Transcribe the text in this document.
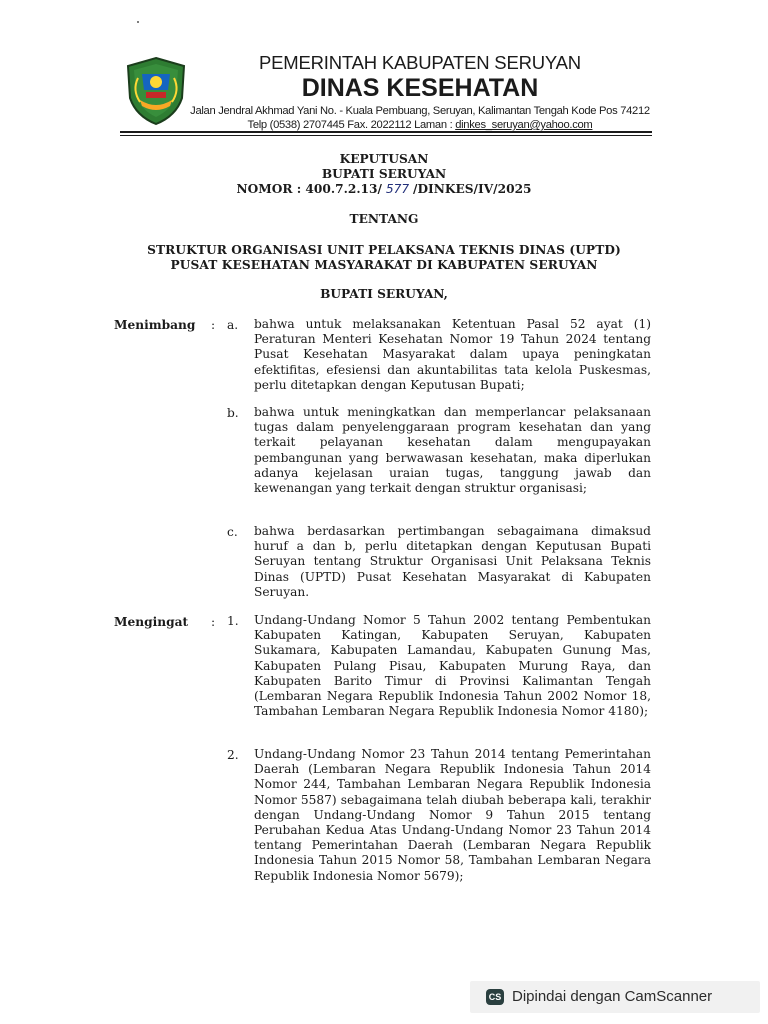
PEMERINTAH KABUPATEN SERUYAN
DINAS KESEHATAN
Jalan Jendral Akhmad Yani No. - Kuala Pembuang, Seruyan, Kalimantan Tengah Kode Pos 74212
Telp (0538) 2707445 Fax. 2022112 Laman : dinkes_seruyan@yahoo.com
KEPUTUSAN
BUPATI SERUYAN
NOMOR : 400.7.2.13/ 577 /DINKES/IV/2025
TENTANG
STRUKTUR ORGANISASI UNIT PELAKSANA TEKNIS DINAS (UPTD)
PUSAT KESEHATAN MASYARAKAT DI KABUPATEN SERUYAN
BUPATI SERUYAN,
Menimbang : a.	bahwa untuk melaksanakan Ketentuan Pasal 52 ayat (1) Peraturan Menteri Kesehatan Nomor 19 Tahun 2024 tentang Pusat Kesehatan Masyarakat dalam upaya peningkatan efektifitas, efesiensi dan akuntabilitas tata kelola Puskesmas, perlu ditetapkan dengan Keputusan Bupati;
b.	bahwa untuk meningkatkan dan memperlancar pelaksanaan tugas dalam penyelenggaraan program kesehatan dan yang terkait pelayanan kesehatan dalam mengupayakan pembangunan yang berwawasan kesehatan, maka diperlukan adanya kejelasan uraian tugas, tanggung jawab dan kewenangan yang terkait dengan struktur organisasi;
c.	bahwa berdasarkan pertimbangan sebagaimana dimaksud huruf a dan b, perlu ditetapkan dengan Keputusan Bupati Seruyan tentang Struktur Organisasi Unit Pelaksana Teknis Dinas (UPTD) Pusat Kesehatan Masyarakat di Kabupaten Seruyan.
Mengingat : 1.	Undang-Undang Nomor 5 Tahun 2002 tentang Pembentukan Kabupaten Katingan, Kabupaten Seruyan, Kabupaten Sukamara, Kabupaten Lamandau, Kabupaten Gunung Mas, Kabupaten Pulang Pisau, Kabupaten Murung Raya, dan Kabupaten Barito Timur di Provinsi Kalimantan Tengah (Lembaran Negara Republik Indonesia Tahun 2002 Nomor 18, Tambahan Lembaran Negara Republik Indonesia Nomor 4180);
2.	Undang-Undang Nomor 23 Tahun 2014 tentang Pemerintahan Daerah (Lembaran Negara Republik Indonesia Tahun 2014 Nomor 244, Tambahan Lembaran Negara Republik Indonesia Nomor 5587) sebagaimana telah diubah beberapa kali, terakhir dengan Undang-Undang Nomor 9 Tahun 2015 tentang Perubahan Kedua Atas Undang-Undang Nomor 23 Tahun 2014 tentang Pemerintahan Daerah (Lembaran Negara Republik Indonesia Tahun 2015 Nomor 58, Tambahan Lembaran Negara Republik Indonesia Nomor 5679);
CS Dipindai dengan CamScanner
